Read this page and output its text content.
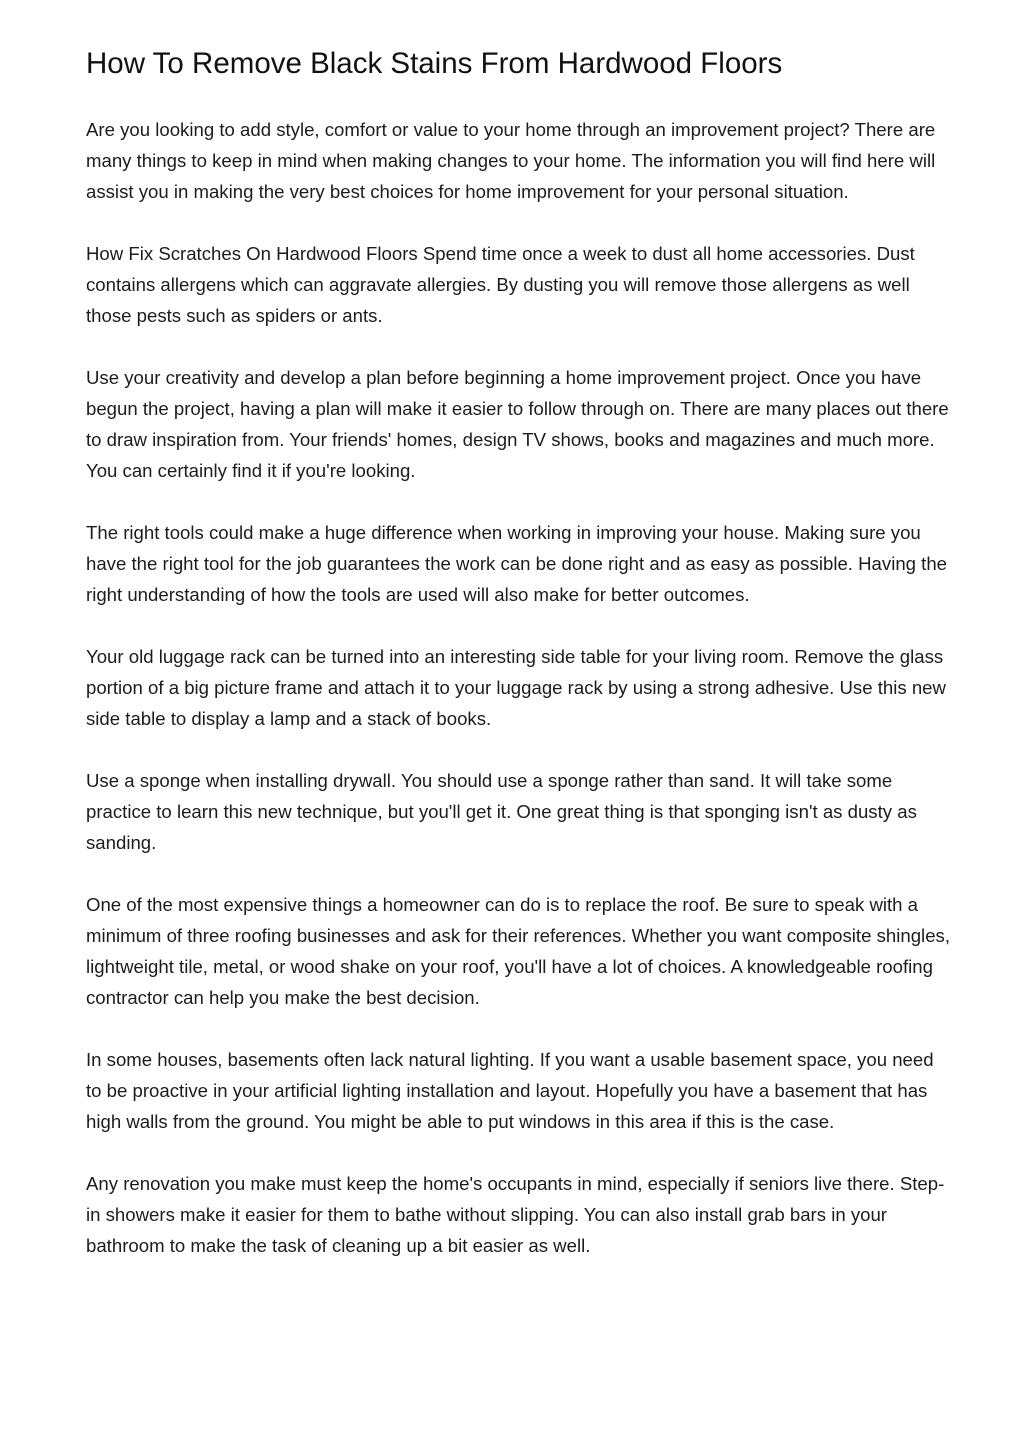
How To Remove Black Stains From Hardwood Floors

Are you looking to add style, comfort or value to your home through an improvement project? There are many things to keep in mind when making changes to your home. The information you will find here will assist you in making the very best choices for home improvement for your personal situation.

How Fix Scratches On Hardwood Floors Spend time once a week to dust all home accessories. Dust contains allergens which can aggravate allergies. By dusting you will remove those allergens as well those pests such as spiders or ants.

Use your creativity and develop a plan before beginning a home improvement project. Once you have begun the project, having a plan will make it easier to follow through on. There are many places out there to draw inspiration from. Your friends' homes, design TV shows, books and magazines and much more. You can certainly find it if you're looking.

The right tools could make a huge difference when working in improving your house. Making sure you have the right tool for the job guarantees the work can be done right and as easy as possible. Having the right understanding of how the tools are used will also make for better outcomes.

Your old luggage rack can be turned into an interesting side table for your living room. Remove the glass portion of a big picture frame and attach it to your luggage rack by using a strong adhesive. Use this new side table to display a lamp and a stack of books.

Use a sponge when installing drywall. You should use a sponge rather than sand. It will take some practice to learn this new technique, but you'll get it. One great thing is that sponging isn't as dusty as sanding.

One of the most expensive things a homeowner can do is to replace the roof. Be sure to speak with a minimum of three roofing businesses and ask for their references. Whether you want composite shingles, lightweight tile, metal, or wood shake on your roof, you'll have a lot of choices. A knowledgeable roofing contractor can help you make the best decision.

In some houses, basements often lack natural lighting. If you want a usable basement space, you need to be proactive in your artificial lighting installation and layout. Hopefully you have a basement that has high walls from the ground. You might be able to put windows in this area if this is the case.

Any renovation you make must keep the home's occupants in mind, especially if seniors live there. Step-in showers make it easier for them to bathe without slipping. You can also install grab bars in your bathroom to make the task of cleaning up a bit easier as well.
